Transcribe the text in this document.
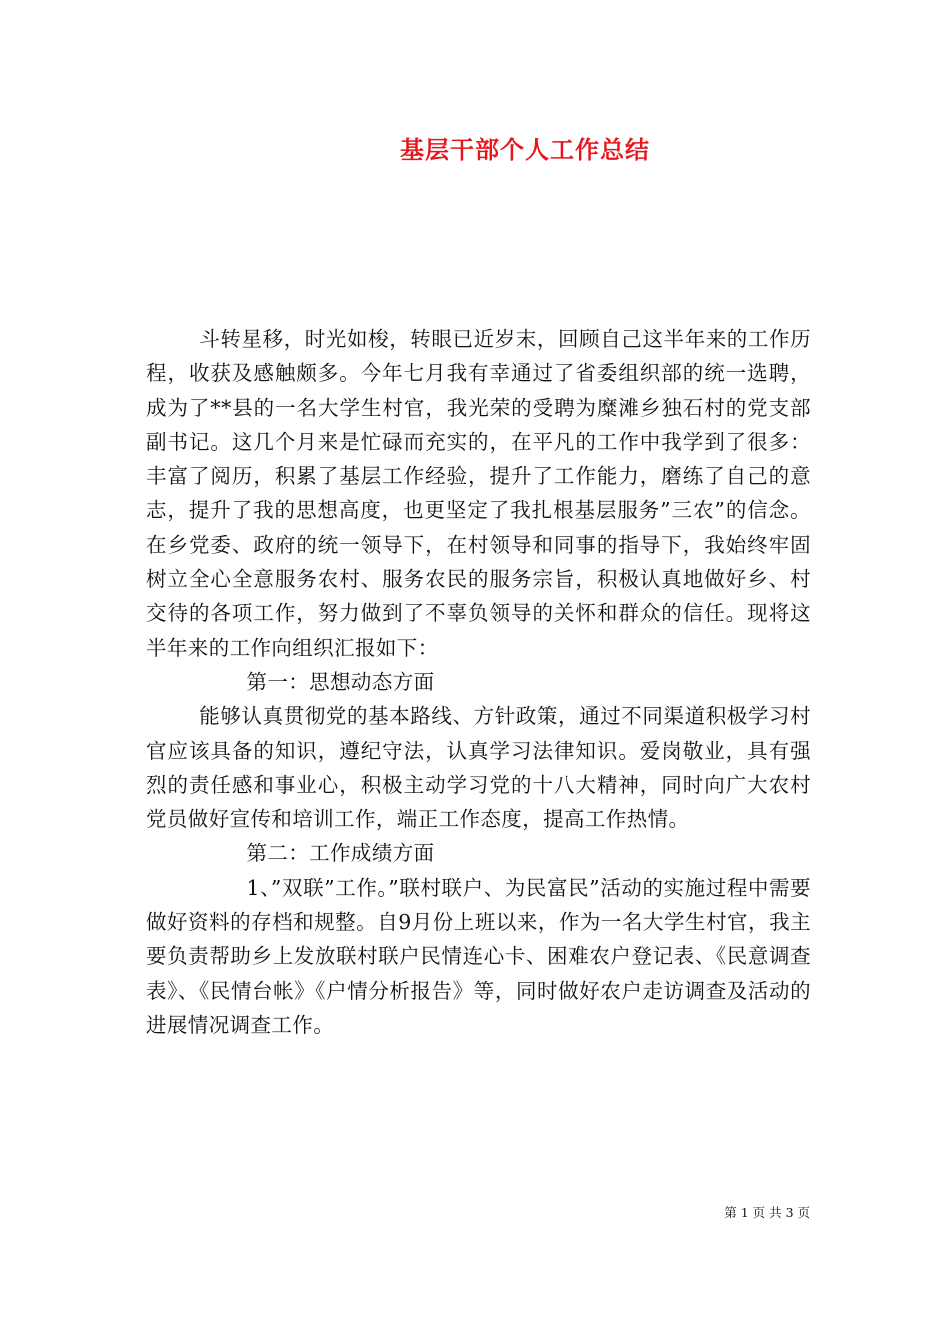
基层干部个人工作总结

斗转星移，时光如梭，转眼已近岁末，回顾自己这半年来的工作历程，收获及感触颇多。今年七月我有幸通过了省委组织部的统一选聘，成为了**县的一名大学生村官，我光荣的受聘为糜滩乡独石村的党支部副书记。这几个月来是忙碌而充实的，在平凡的工作中我学到了很多：丰富了阅历，积累了基层工作经验，提升了工作能力，磨练了自己的意志，提升了我的思想高度，也更坚定了我扎根基层服务”三农”的信念。在乡党委、政府的统一领导下，在村领导和同事的指导下，我始终牢固树立全心全意服务农村、服务农民的服务宗旨，积极认真地做好乡、村交待的各项工作，努力做到了不辜负领导的关怀和群众的信任。现将这半年来的工作向组织汇报如下：

第一：思想动态方面

能够认真贯彻党的基本路线、方针政策，通过不同渠道积极学习村官应该具备的知识，遵纪守法，认真学习法律知识。爱岗敬业，具有强烈的责任感和事业心，积极主动学习党的十八大精神，同时向广大农村党员做好宣传和培训工作，端正工作态度，提高工作热情。

第二：工作成绩方面

1、”双联”工作。”联村联户、为民富民”活动的实施过程中需要做好资料的存档和规整。自9月份上班以来，作为一名大学生村官，我主要负责帮助乡上发放联村联户民情连心卡、困难农户登记表、《民意调查表》、《民情台帐》《户情分析报告》等，同时做好农户走访调查及活动的进展情况调查工作。

第 1 页 共 3 页
